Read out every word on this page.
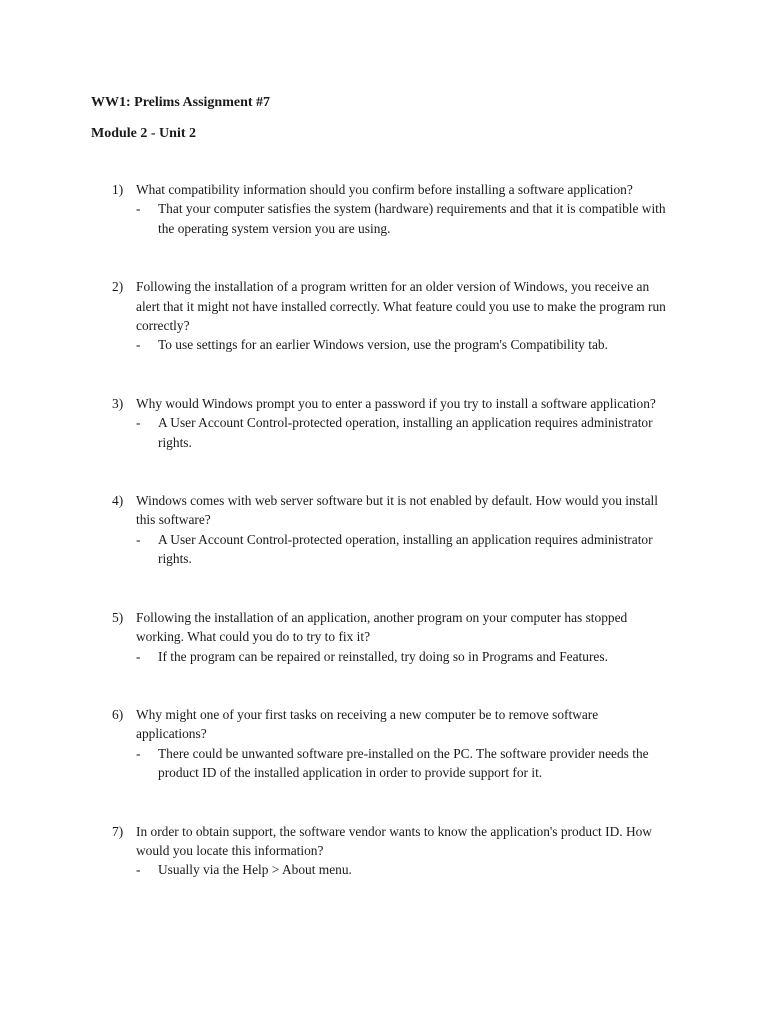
WW1: Prelims Assignment #7
Module 2 - Unit 2
1) What compatibility information should you confirm before installing a software application?
- That your computer satisfies the system (hardware) requirements and that it is compatible with the operating system version you are using.
2) Following the installation of a program written for an older version of Windows, you receive an alert that it might not have installed correctly. What feature could you use to make the program run correctly?
- To use settings for an earlier Windows version, use the program's Compatibility tab.
3) Why would Windows prompt you to enter a password if you try to install a software application?
- A User Account Control-protected operation, installing an application requires administrator rights.
4) Windows comes with web server software but it is not enabled by default. How would you install this software?
- A User Account Control-protected operation, installing an application requires administrator rights.
5) Following the installation of an application, another program on your computer has stopped working. What could you do to try to fix it?
- If the program can be repaired or reinstalled, try doing so in Programs and Features.
6) Why might one of your first tasks on receiving a new computer be to remove software applications?
- There could be unwanted software pre-installed on the PC. The software provider needs the product ID of the installed application in order to provide support for it.
7) In order to obtain support, the software vendor wants to know the application's product ID. How would you locate this information?
- Usually via the Help > About menu.
